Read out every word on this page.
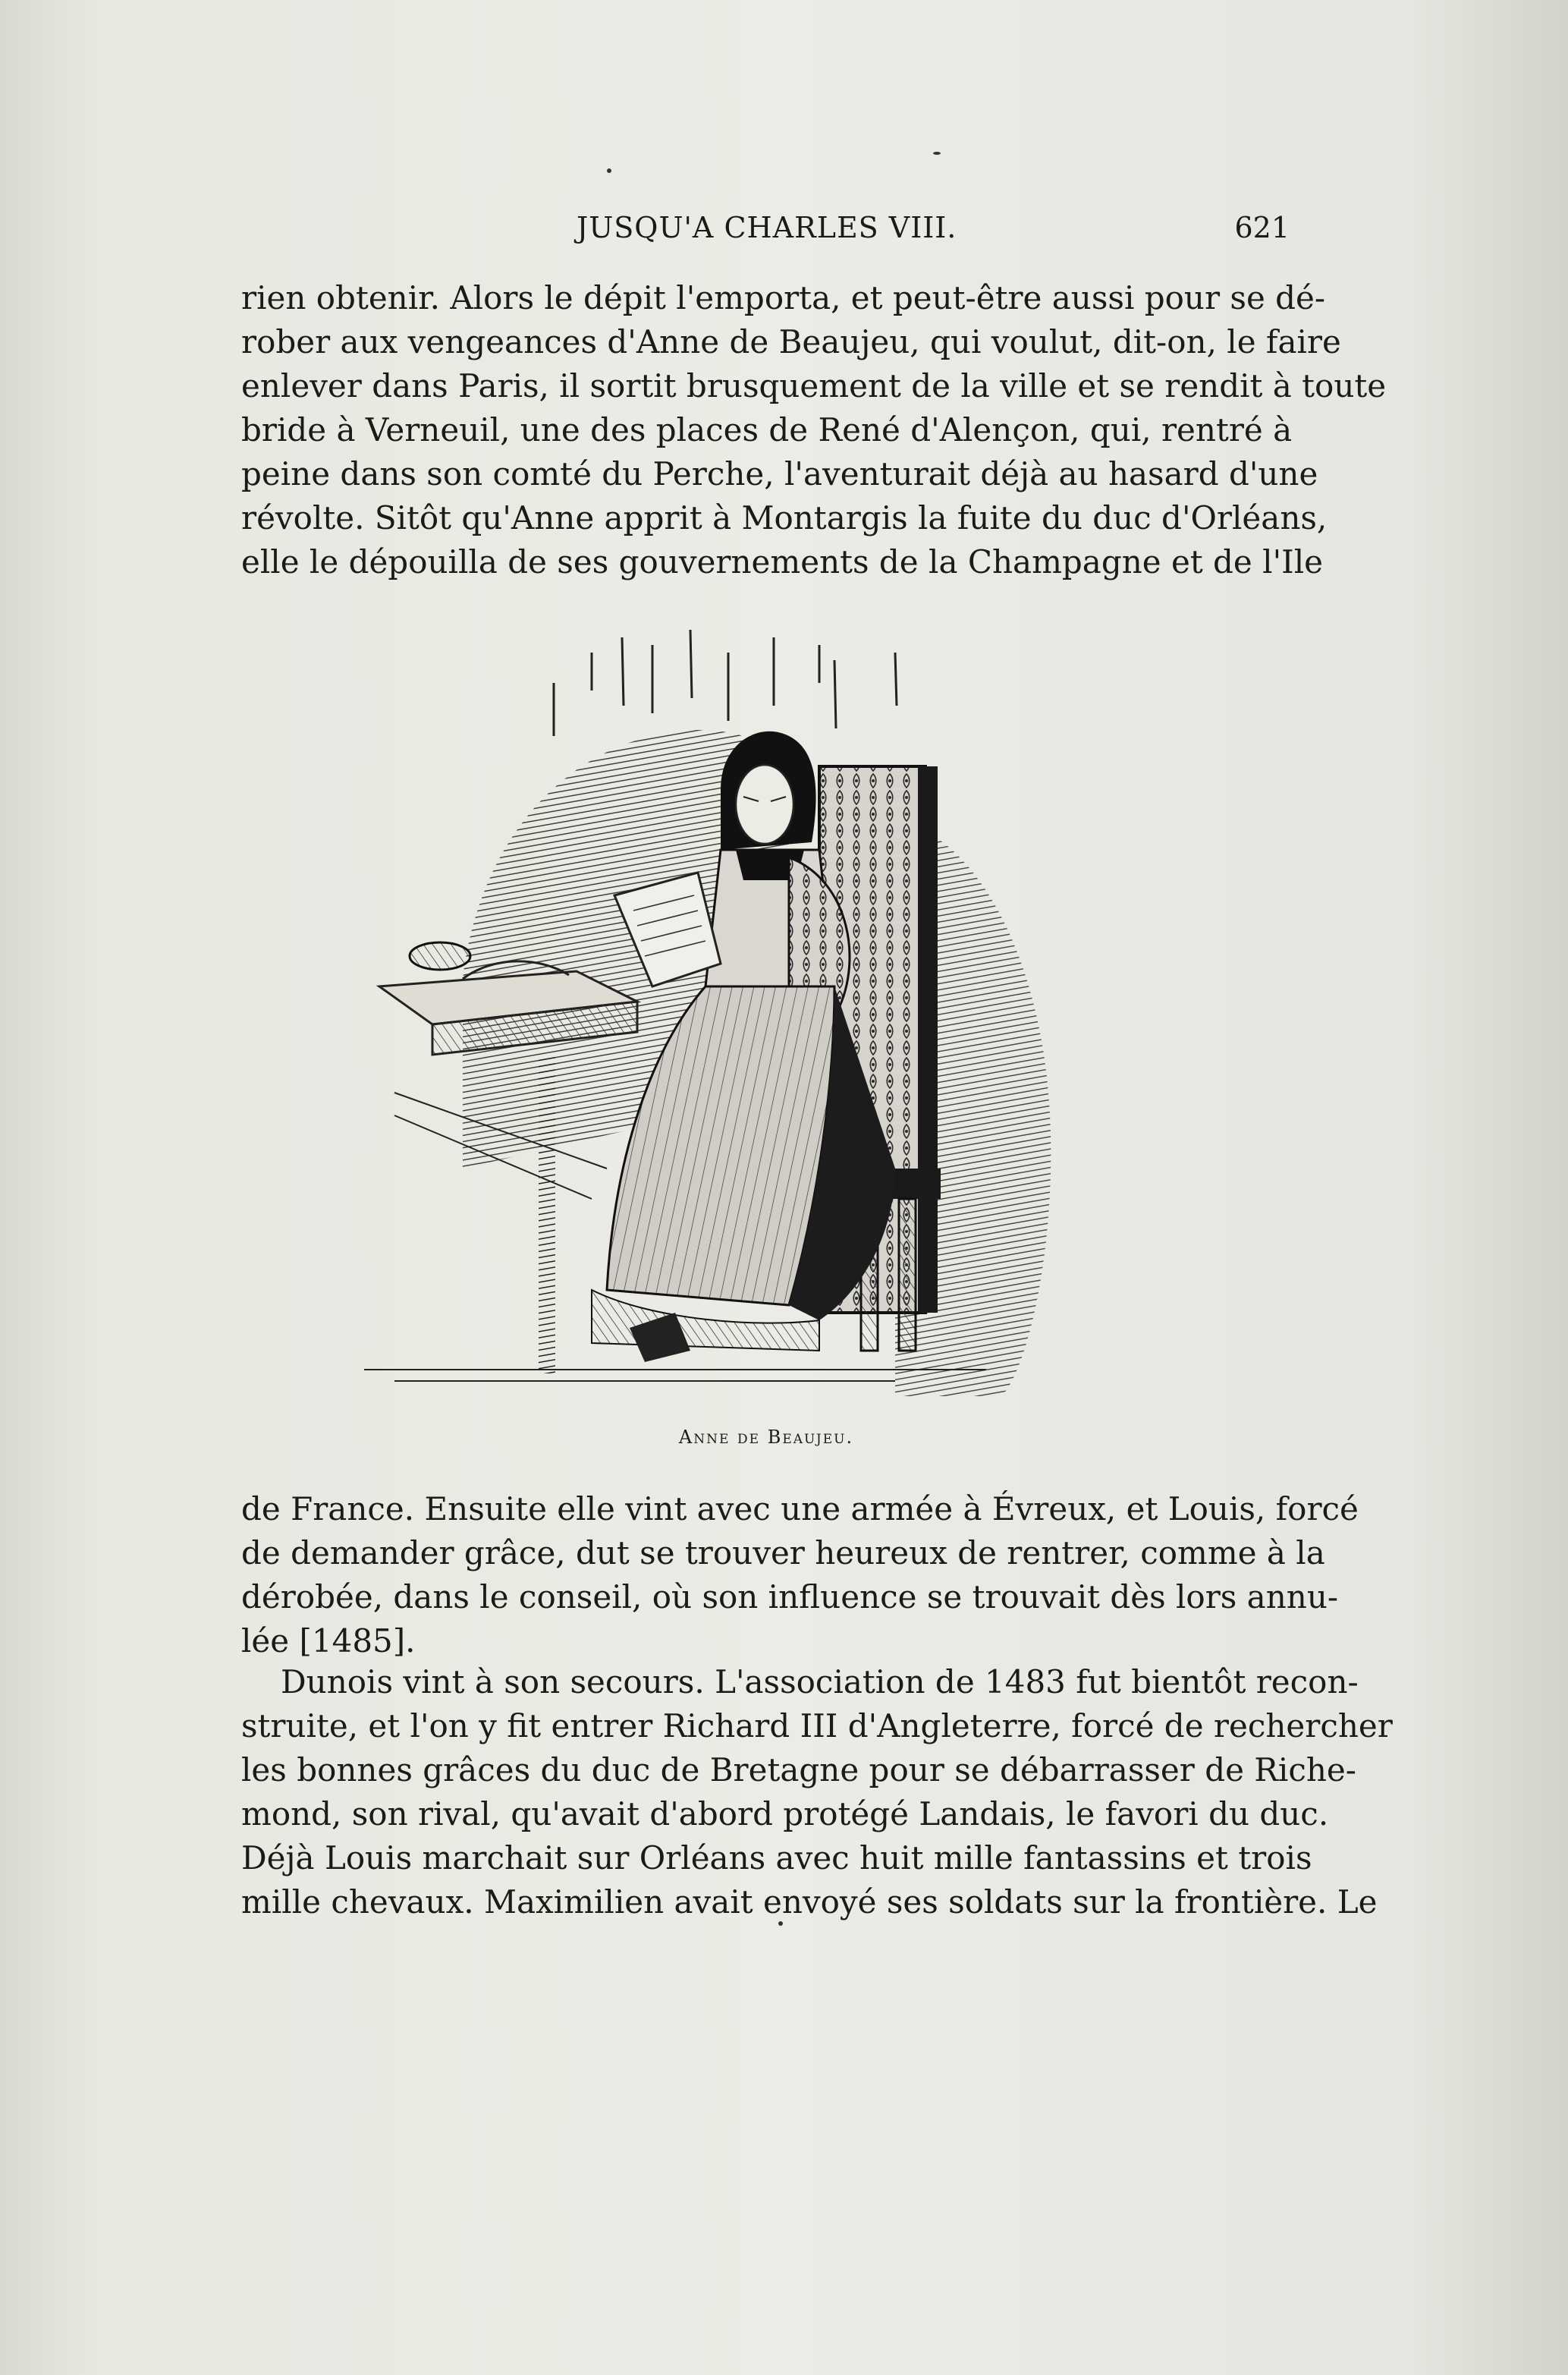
JUSQU'A CHARLES VIII.	621
rien obtenir. Alors le dépit l'emporta, et peut-être aussi pour se dé-
rober aux vengeances d'Anne de Beaujeu, qui voulut, dit-on, le faire
enlever dans Paris, il sortit brusquement de la ville et se rendit à toute
bride à Verneuil, une des places de René d'Alençon, qui, rentré à
peine dans son comté du Perche, l'aventurait déjà au hasard d'une
révolte. Sitôt qu'Anne apprit à Montargis la fuite du duc d'Orléans,
elle le dépouilla de ses gouvernements de la Champagne et de l'Ile
Anne de Beaujeu.
de France. Ensuite elle vint avec une armée à Évreux, et Louis, forcé
de demander grâce, dut se trouver heureux de rentrer, comme à la
dérobée, dans le conseil, où son influence se trouvait dès lors annu-
lée [1485].
Dunois vint à son secours. L'association de 1483 fut bientôt recon-
struite, et l'on y fit entrer Richard III d'Angleterre, forcé de rechercher
les bonnes grâces du duc de Bretagne pour se débarrasser de Riche-
mond, son rival, qu'avait d'abord protégé Landais, le favori du duc.
Déjà Louis marchait sur Orléans avec huit mille fantassins et trois
mille chevaux. Maximilien avait envoyé ses soldats sur la frontière. Le
